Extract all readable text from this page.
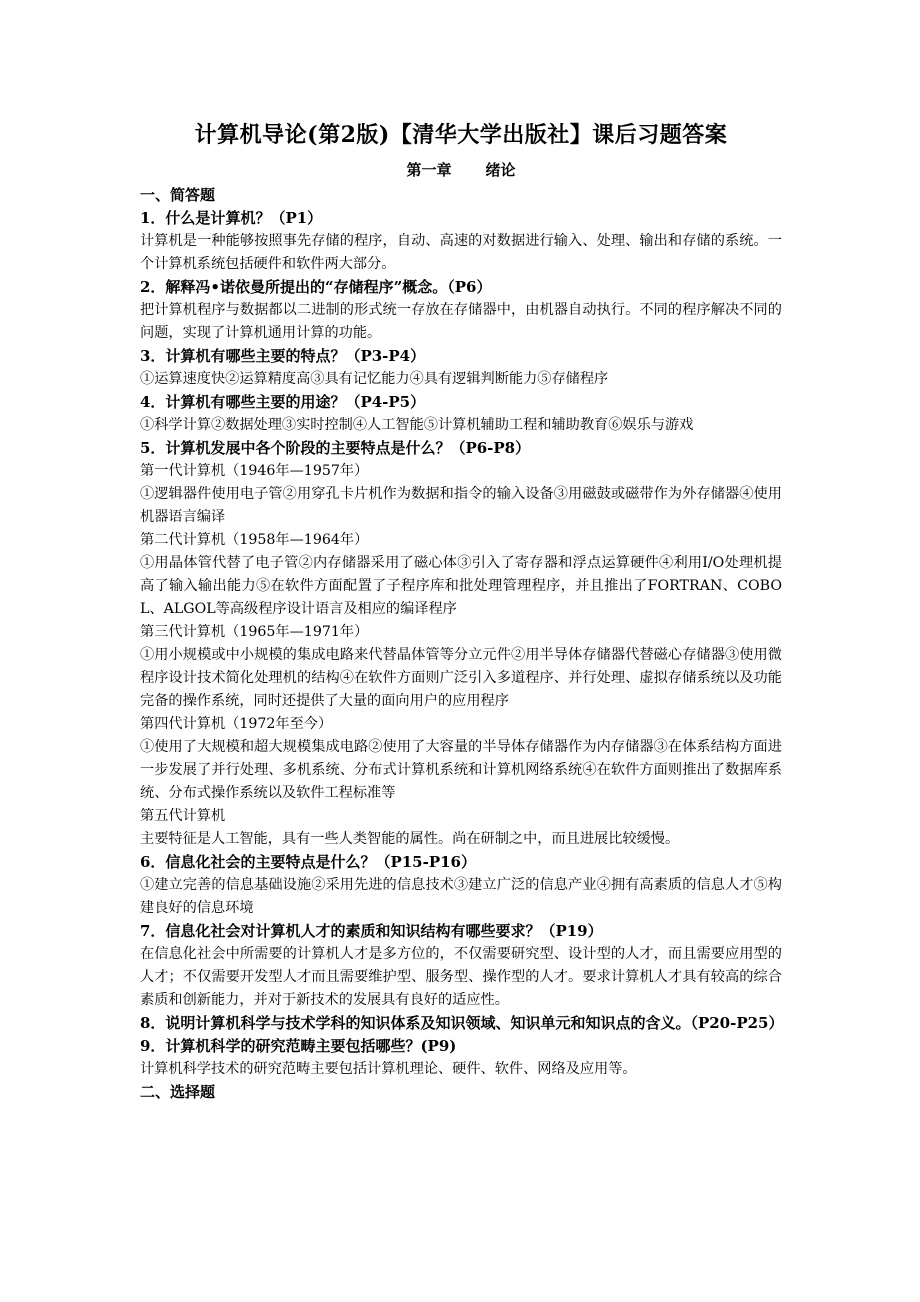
计算机导论(第2版)【清华大学出版社】课后习题答案
第一章 绪论
一、简答题

1．什么是计算机？（P1）

计算机是一种能够按照事先存储的程序，自动、高速的对数据进行输入、处理、输出和存储的系统。一个计算机系统包括硬件和软件两大部分。

2．解释冯•诺依曼所提出的“存储程序”概念。（P6）

把计算机程序与数据都以二进制的形式统一存放在存储器中，由机器自动执行。不同的程序解决不同的问题，实现了计算机通用计算的功能。

3．计算机有哪些主要的特点？（P3-P4）

①运算速度快②运算精度高③具有记忆能力④具有逻辑判断能力⑤存储程序

4．计算机有哪些主要的用途？（P4-P5）

①科学计算②数据处理③实时控制④人工智能⑤计算机辅助工程和辅助教育⑥娱乐与游戏

5．计算机发展中各个阶段的主要特点是什么？（P6-P8）

第一代计算机（1946年—1957年）

①逻辑器件使用电子管②用穿孔卡片机作为数据和指令的输入设备③用磁鼓或磁带作为外存储器④使用机器语言编译

第二代计算机（1958年—1964年）

①用晶体管代替了电子管②内存储器采用了磁心体③引入了寄存器和浮点运算硬件④利用I/O处理机提高了输入输出能力⑤在软件方面配置了子程序库和批处理管理程序，并且推出了FORTRAN、COBOL、ALGOL等高级程序设计语言及相应的编译程序

第三代计算机（1965年—1971年）

①用小规模或中小规模的集成电路来代替晶体管等分立元件②用半导体存储器代替磁心存储器③使用微程序设计技术简化处理机的结构④在软件方面则广泛引入多道程序、并行处理、虚拟存储系统以及功能完备的操作系统，同时还提供了大量的面向用户的应用程序

第四代计算机（1972年至今）

①使用了大规模和超大规模集成电路②使用了大容量的半导体存储器作为内存储器③在体系结构方面进一步发展了并行处理、多机系统、分布式计算机系统和计算机网络系统④在软件方面则推出了数据库系统、分布式操作系统以及软件工程标准等

第五代计算机

主要特征是人工智能，具有一些人类智能的属性。尚在研制之中，而且进展比较缓慢。

6．信息化社会的主要特点是什么？（P15-P16）

①建立完善的信息基础设施②采用先进的信息技术③建立广泛的信息产业④拥有高素质的信息人才⑤构建良好的信息环境

7．信息化社会对计算机人才的素质和知识结构有哪些要求？（P19）

在信息化社会中所需要的计算机人才是多方位的，不仅需要研究型、设计型的人才，而且需要应用型的人才；不仅需要开发型人才而且需要维护型、服务型、操作型的人才。要求计算机人才具有较高的综合素质和创新能力，并对于新技术的发展具有良好的适应性。

8．说明计算机科学与技术学科的知识体系及知识领域、知识单元和知识点的含义。（P20-P25）

9．计算机科学的研究范畴主要包括哪些？(P9)

计算机科学技术的研究范畴主要包括计算机理论、硬件、软件、网络及应用等。

二、选择题
